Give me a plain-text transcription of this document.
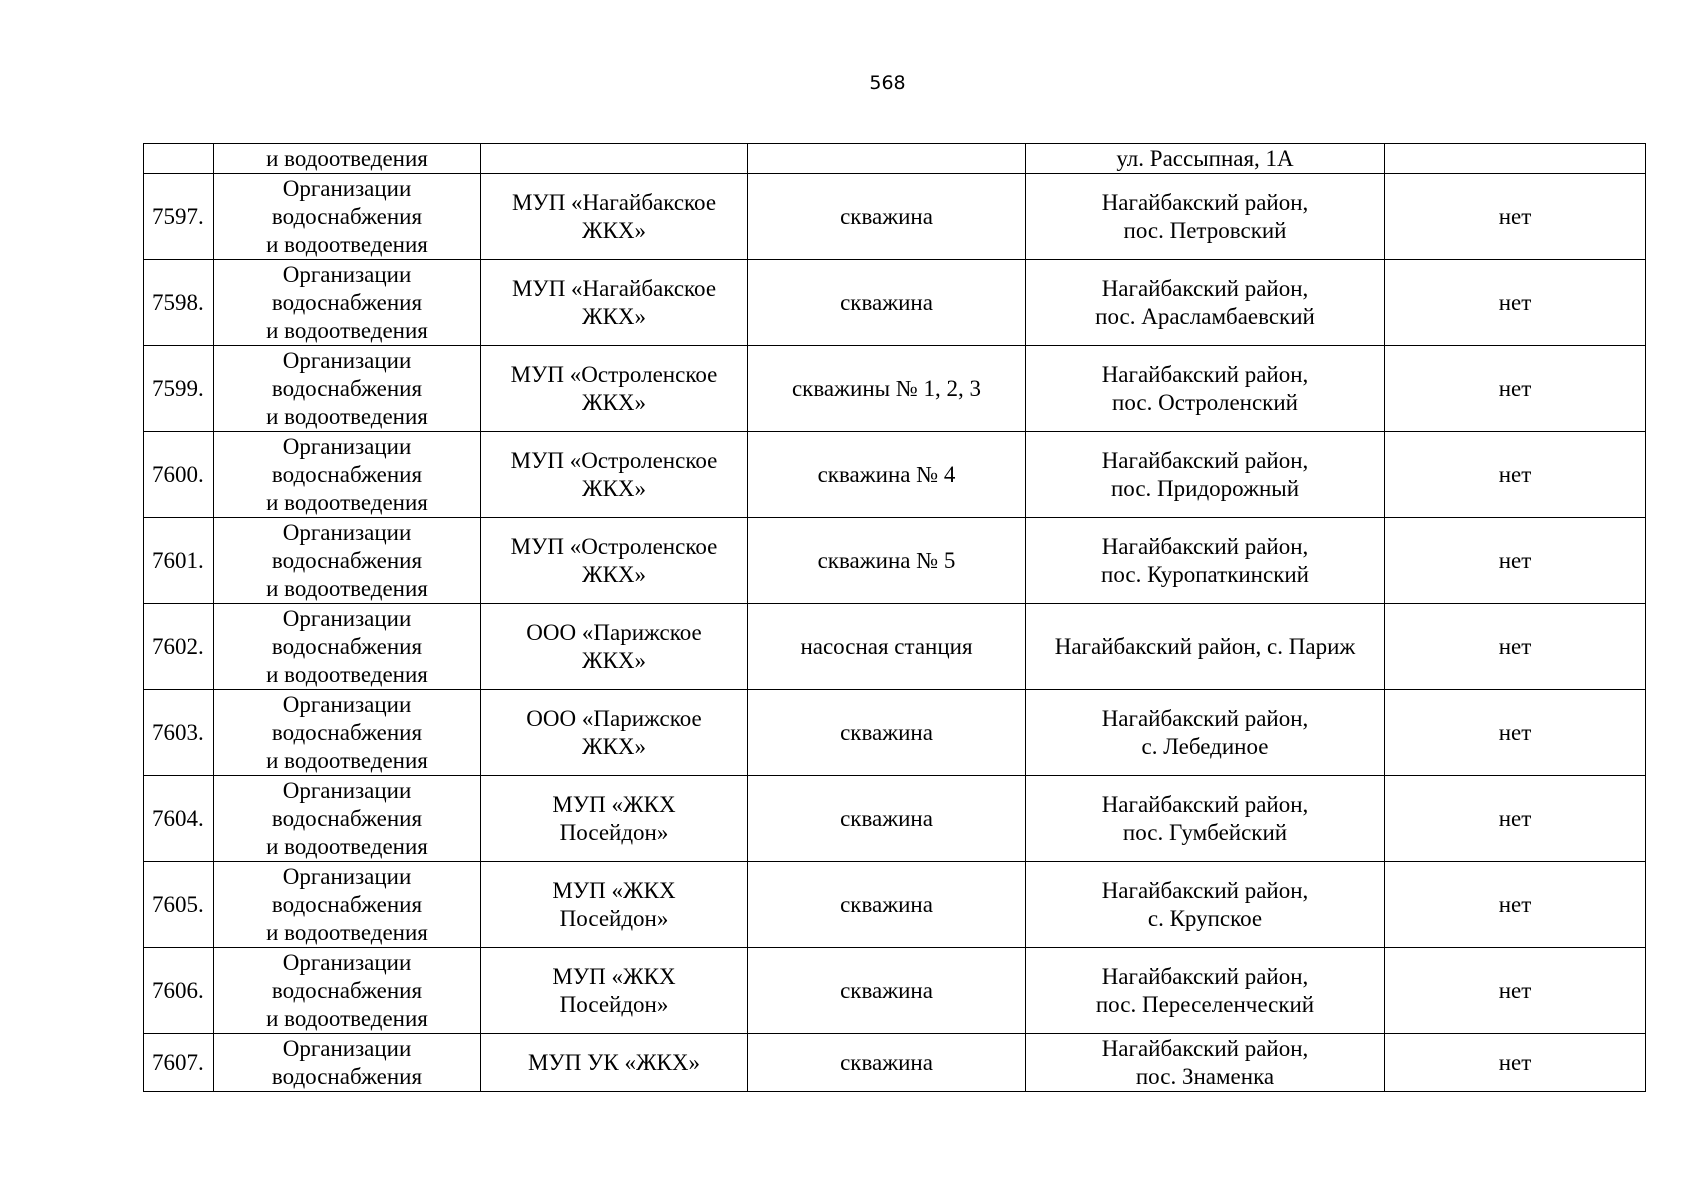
568

	и водоотведения			ул. Рассыпная, 1А	

7597.	Организации
водоснабжения
и водоотведения	МУП «Нагайбакское
ЖКХ»	скважина	Нагайбакский район,
пос. Петровский	нет
7598.	Организации
водоснабжения
и водоотведения	МУП «Нагайбакское
ЖКХ»	скважина	Нагайбакский район,
пос. Арасламбаевский	нет
7599.	Организации
водоснабжения
и водоотведения	МУП «Остроленское
ЖКХ»	скважины № 1, 2, 3	Нагайбакский район,
пос. Остроленский	нет
7600.	Организации
водоснабжения
и водоотведения	МУП «Остроленское
ЖКХ»	скважина № 4	Нагайбакский район,
пос. Придорожный	нет
7601.	Организации
водоснабжения
и водоотведения	МУП «Остроленское
ЖКХ»	скважина № 5	Нагайбакский район,
пос. Куропаткинский	нет
7602.	Организации
водоснабжения
и водоотведения	ООО «Парижское
ЖКХ»	насосная станция	Нагайбакский район, с. Париж	нет
7603.	Организации
водоснабжения
и водоотведения	ООО «Парижское
ЖКХ»	скважина	Нагайбакский район,
с. Лебединое	нет
7604.	Организации
водоснабжения
и водоотведения	МУП «ЖКХ
Посейдон»	скважина	Нагайбакский район,
пос. Гумбейский	нет
7605.	Организации
водоснабжения
и водоотведения	МУП «ЖКХ
Посейдон»	скважина	Нагайбакский район,
с. Крупское	нет
7606.	Организации
водоснабжения
и водоотведения	МУП «ЖКХ
Посейдон»	скважина	Нагайбакский район,
пос. Переселенческий	нет
7607.	Организации
водоснабжения	МУП УК «ЖКХ»	скважина	Нагайбакский район,
пос. Знаменка	нет
